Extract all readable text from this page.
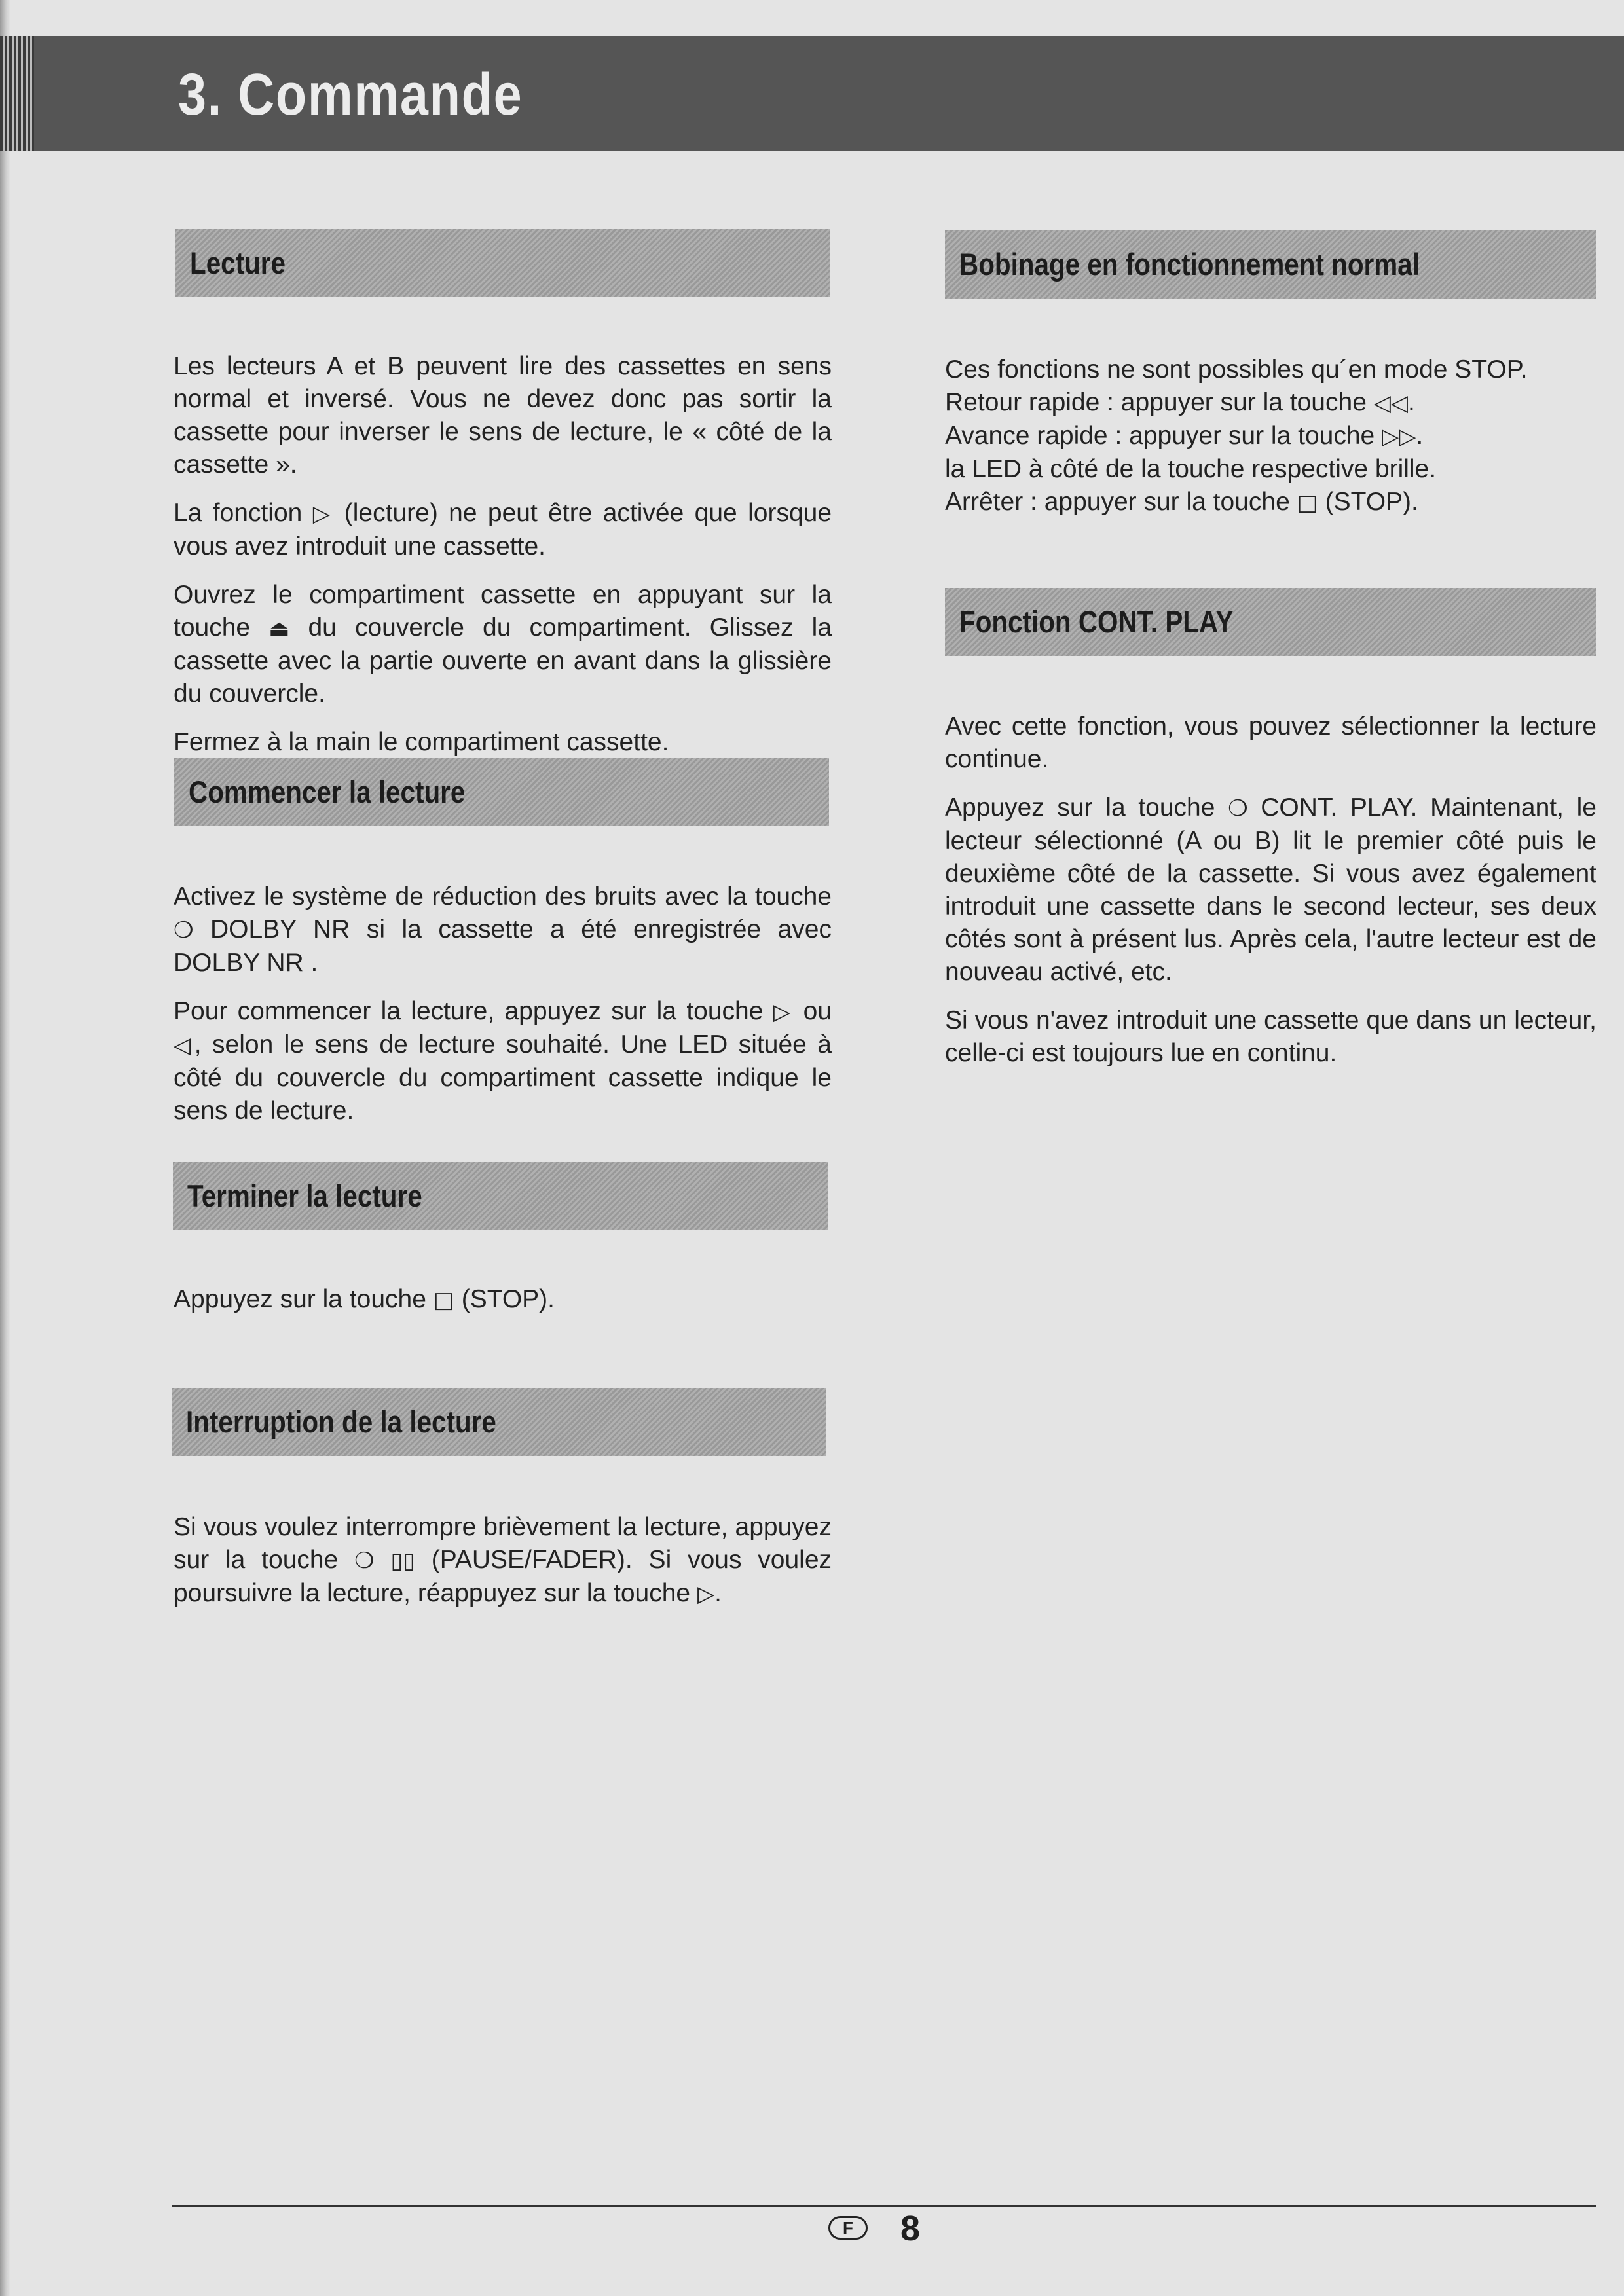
3. Commande
Lecture

Les lecteurs A et B peuvent lire des cassettes en sens normal et inversé. Vous ne devez donc pas sortir la cassette pour inverser le sens de lecture, le « côté de la cassette ».

La fonction ▷ (lecture) ne peut être activée que lorsque vous avez introduit une cassette.

Ouvrez le compartiment cassette en appuyant sur la touche ⏏ du couvercle du compartiment. Glissez la cassette avec la partie ouverte en avant dans la glissière du couvercle.

Fermez à la main le compartiment cassette.

Commencer la lecture

Activez le système de réduction des bruits avec la touche ❍ DOLBY NR si la cassette a été enregistrée avec DOLBY NR .

Pour commencer la lecture, appuyez sur la touche ▷ ou ◁, selon le sens de lecture souhaité. Une LED située à côté du couvercle du compartiment cassette indique le sens de lecture.

Terminer la lecture

Appuyez sur la touche □ (STOP).

Interruption de la lecture

Si vous voulez interrompre brièvement la lecture, appuyez sur la touche ❍ ▯▯ (PAUSE/FADER). Si vous voulez poursuivre la lecture, réappuyez sur la touche ▷.

Bobinage en fonctionnement normal
Ces fonctions ne sont possibles qu´en mode STOP.
Retour rapide : appuyer sur la touche ◁◁.
Avance rapide : appuyer sur la touche ▷▷.
la LED à côté de la touche respective brille.
Arrêter : appuyer sur la touche □ (STOP).
Fonction CONT. PLAY

Avec cette fonction, vous pouvez sélectionner la lecture continue.

Appuyez sur la touche ❍ CONT. PLAY. Maintenant, le lecteur sélectionné (A ou B) lit le premier côté puis le deuxième côté de la cassette. Si vous avez également introduit une cassette dans le second lecteur, ses deux côtés sont à présent lus. Après cela, l'autre lecteur est de nouveau activé, etc.

Si vous n'avez introduit une cassette que dans un lecteur, celle-ci est toujours lue en continu.

F	8
